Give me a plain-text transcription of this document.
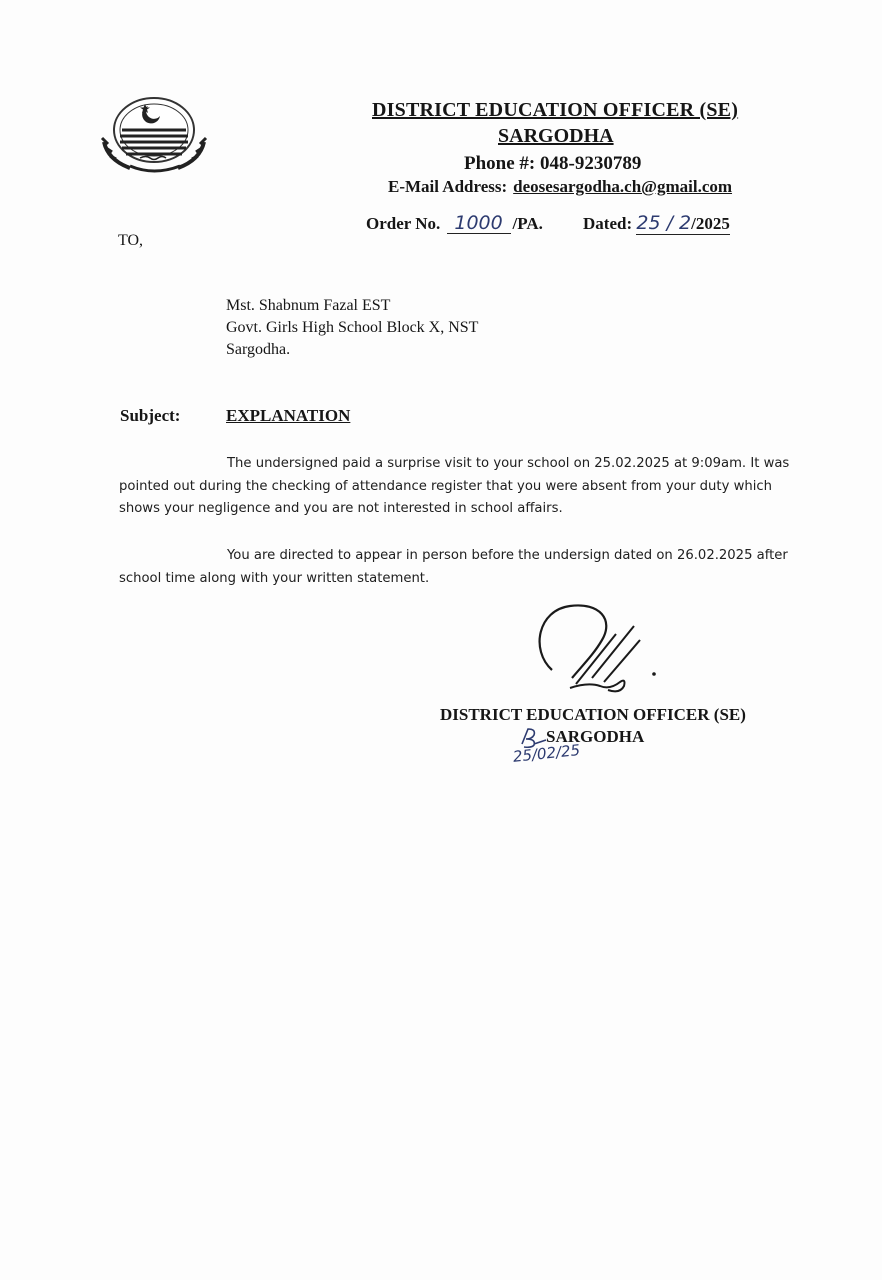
DISTRICT EDUCATION OFFICER (SE)
SARGODHA
Phone #: 048-9230789
E-Mail Address: deosesargodha.ch@gmail.com
Order No. 1000 /PA. Dated: 25 / 2/2025
TO,
Mst. Shabnum Fazal EST
Govt. Girls High School Block X, NST
Sargodha.
Subject:	EXPLANATION
The undersigned paid a surprise visit to your school on 25.02.2025 at 9:09am. It was pointed out during the checking of attendance register that you were absent from your duty which shows your negligence and you are not interested in school affairs.
You are directed to appear in person before the undersign dated on 26.02.2025 after school time along with your written statement.
DISTRICT EDUCATION OFFICER (SE)
SARGODHA
25/02/25
